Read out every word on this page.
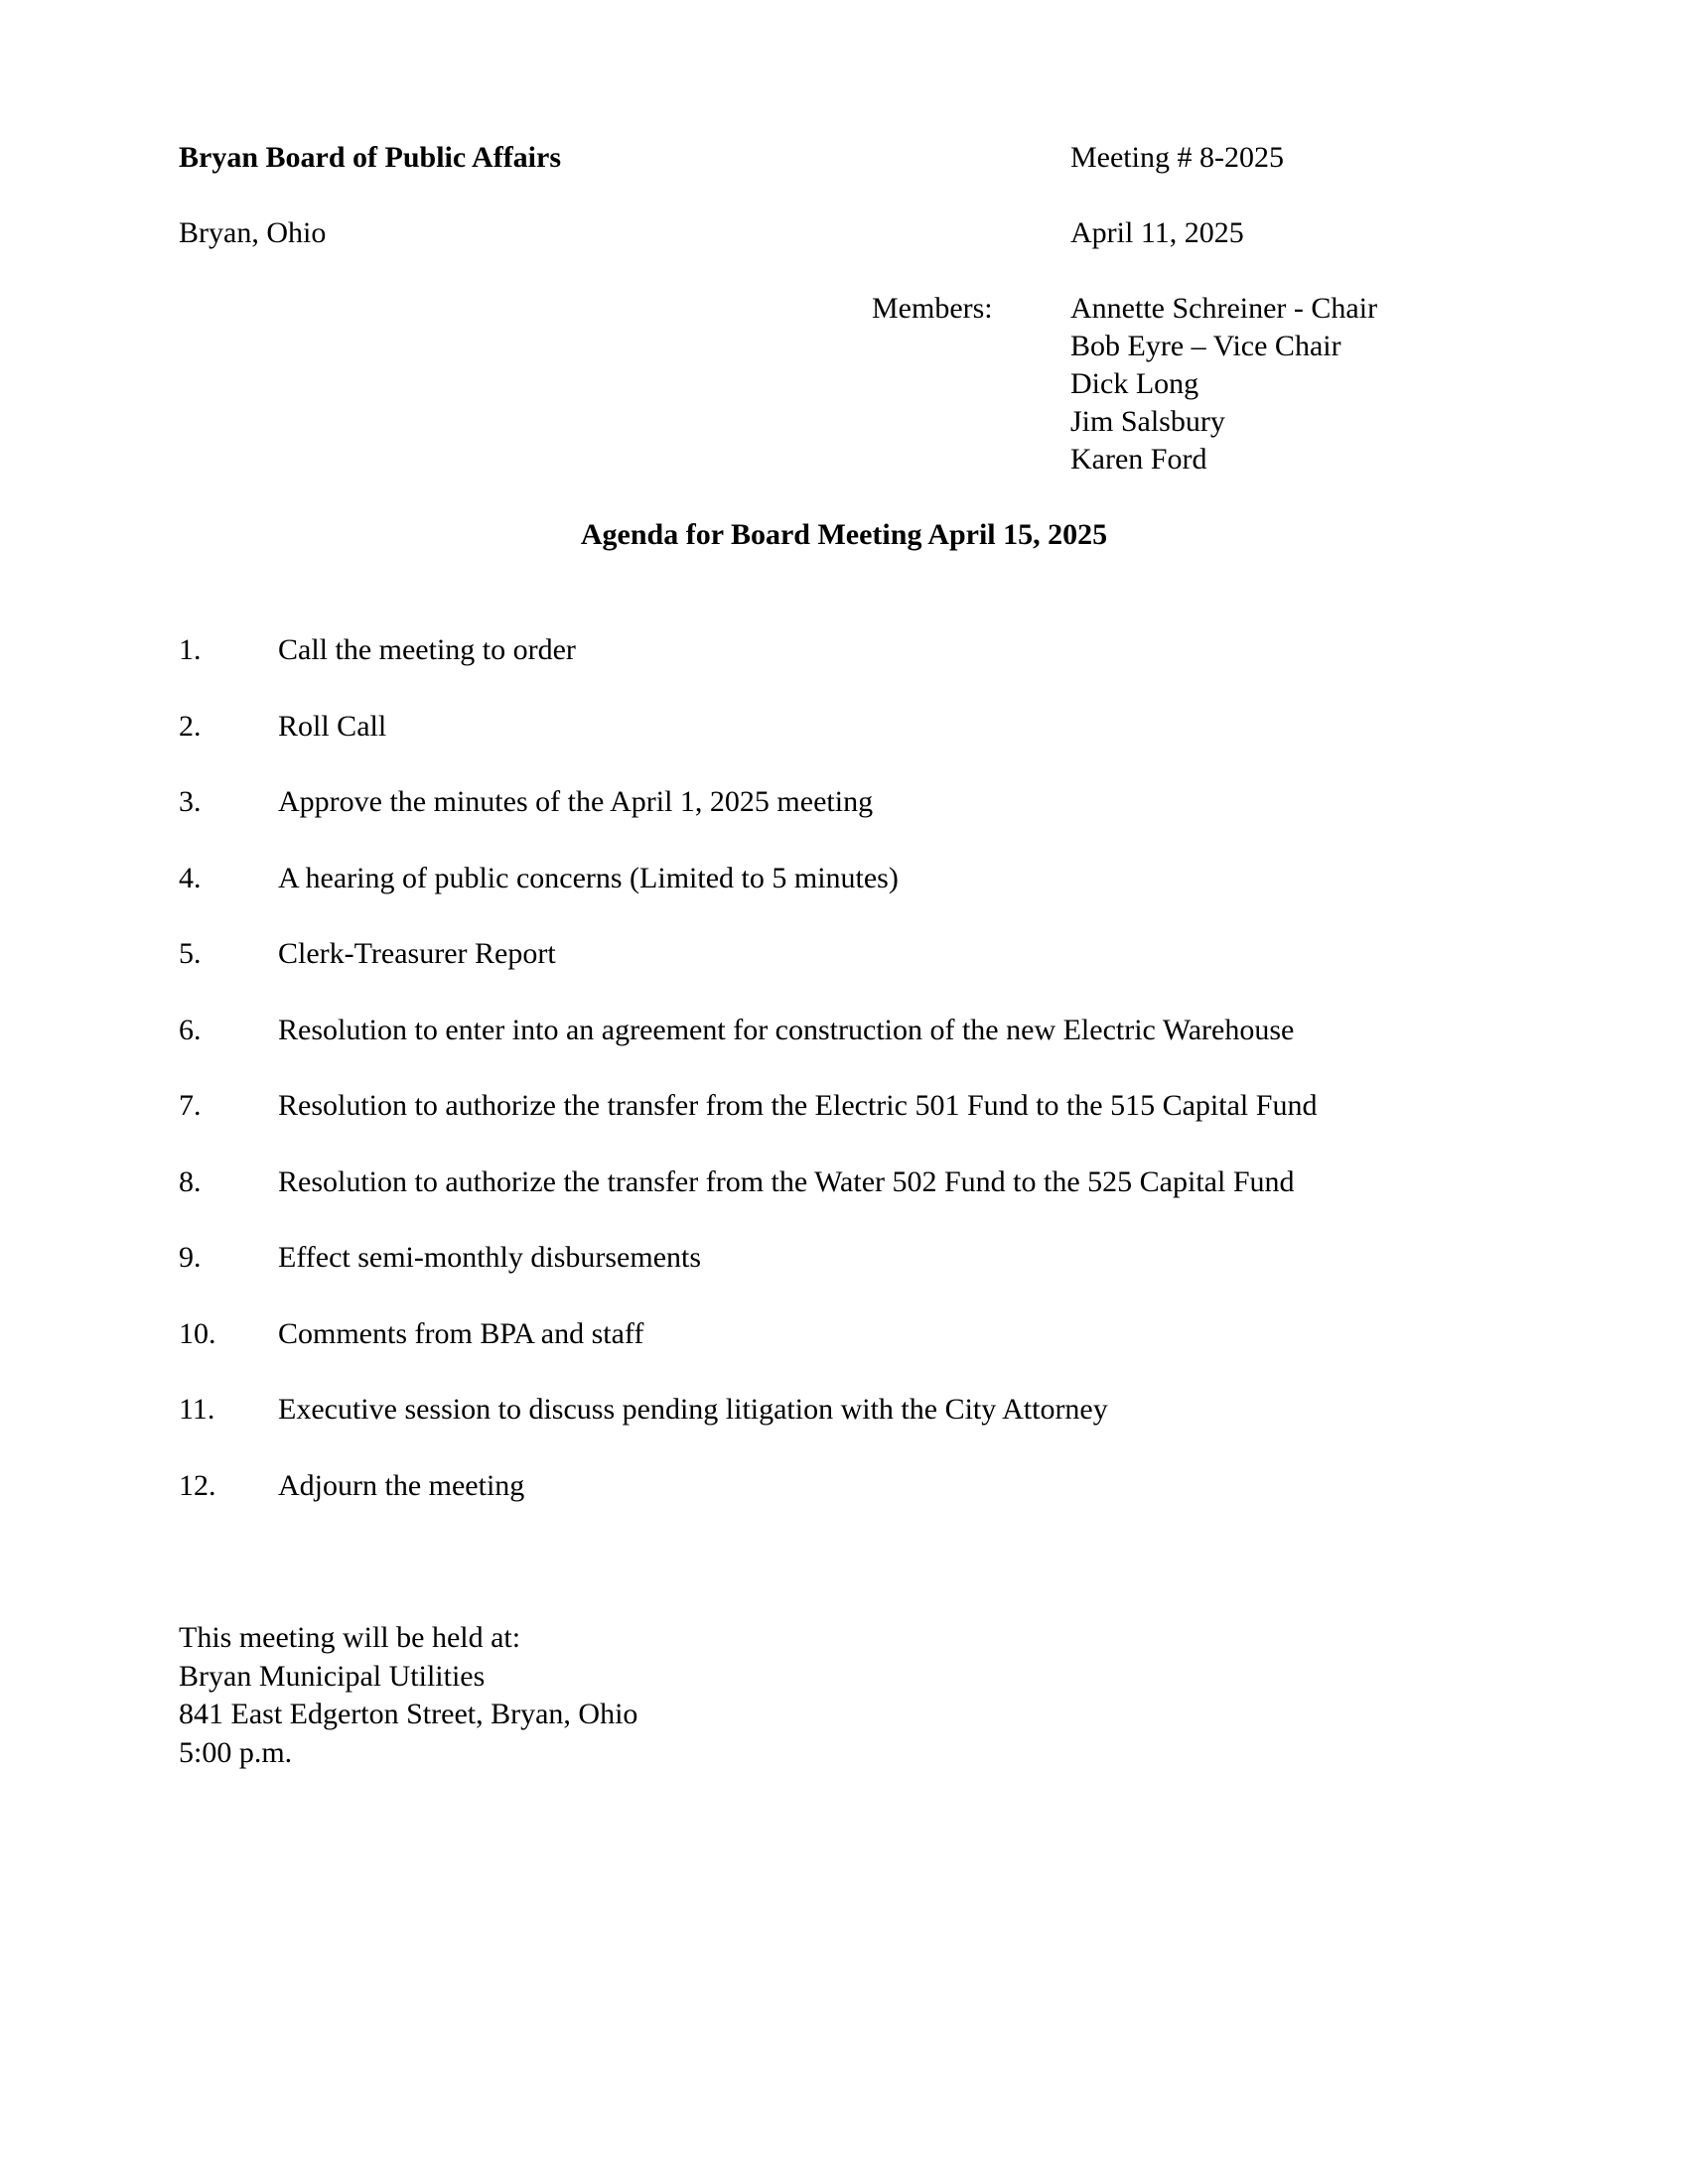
Bryan Board of Public Affairs
Bryan, Ohio
Meeting # 8-2025
April 11, 2025
Members:	Annette Schreiner - Chair
Bob Eyre – Vice Chair
Dick Long
Jim Salsbury
Karen Ford
Agenda for Board Meeting April 15, 2025
1.	Call the meeting to order
2.	Roll Call
3.	Approve the minutes of the April 1, 2025 meeting
4.	A hearing of public concerns (Limited to 5 minutes)
5.	Clerk-Treasurer Report
6.	Resolution to enter into an agreement for construction of the new Electric Warehouse
7.	Resolution to authorize the transfer from the Electric 501 Fund to the 515 Capital Fund
8.	Resolution to authorize the transfer from the Water 502 Fund to the 525 Capital Fund
9.	Effect semi-monthly disbursements
10.	Comments from BPA and staff
11.	Executive session to discuss pending litigation with the City Attorney
12.	Adjourn the meeting
This meeting will be held at:
Bryan Municipal Utilities
841 East Edgerton Street, Bryan, Ohio
5:00 p.m.
